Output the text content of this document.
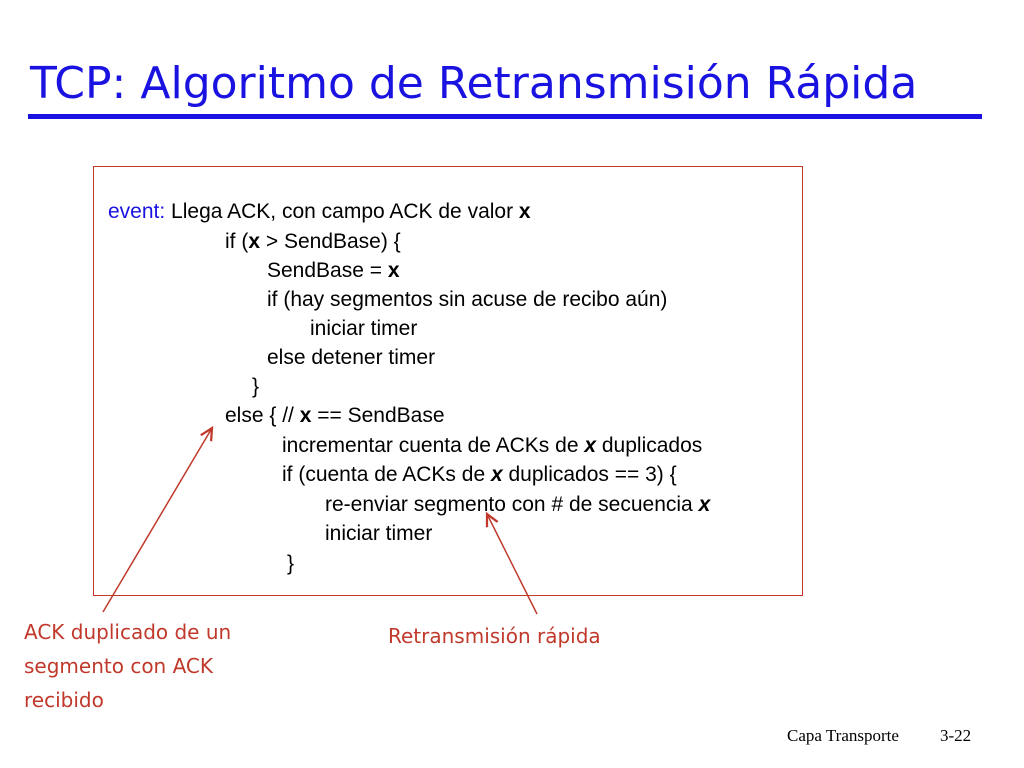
TCP: Algoritmo de Retransmisión Rápida
event: Llega ACK, con campo ACK de valor x
if (x > SendBase) {
SendBase = x
if (hay segmentos sin acuse de recibo aún)
iniciar timer
else detener timer
}
else { // x == SendBase
incrementar cuenta de ACKs de x duplicados
if (cuenta de ACKs de x duplicados == 3) {
re-enviar segmento con # de secuencia x
iniciar timer
}
ACK duplicado de un
segmento con ACK
recibido
Retransmisión rápida
Capa Transporte 3-22
